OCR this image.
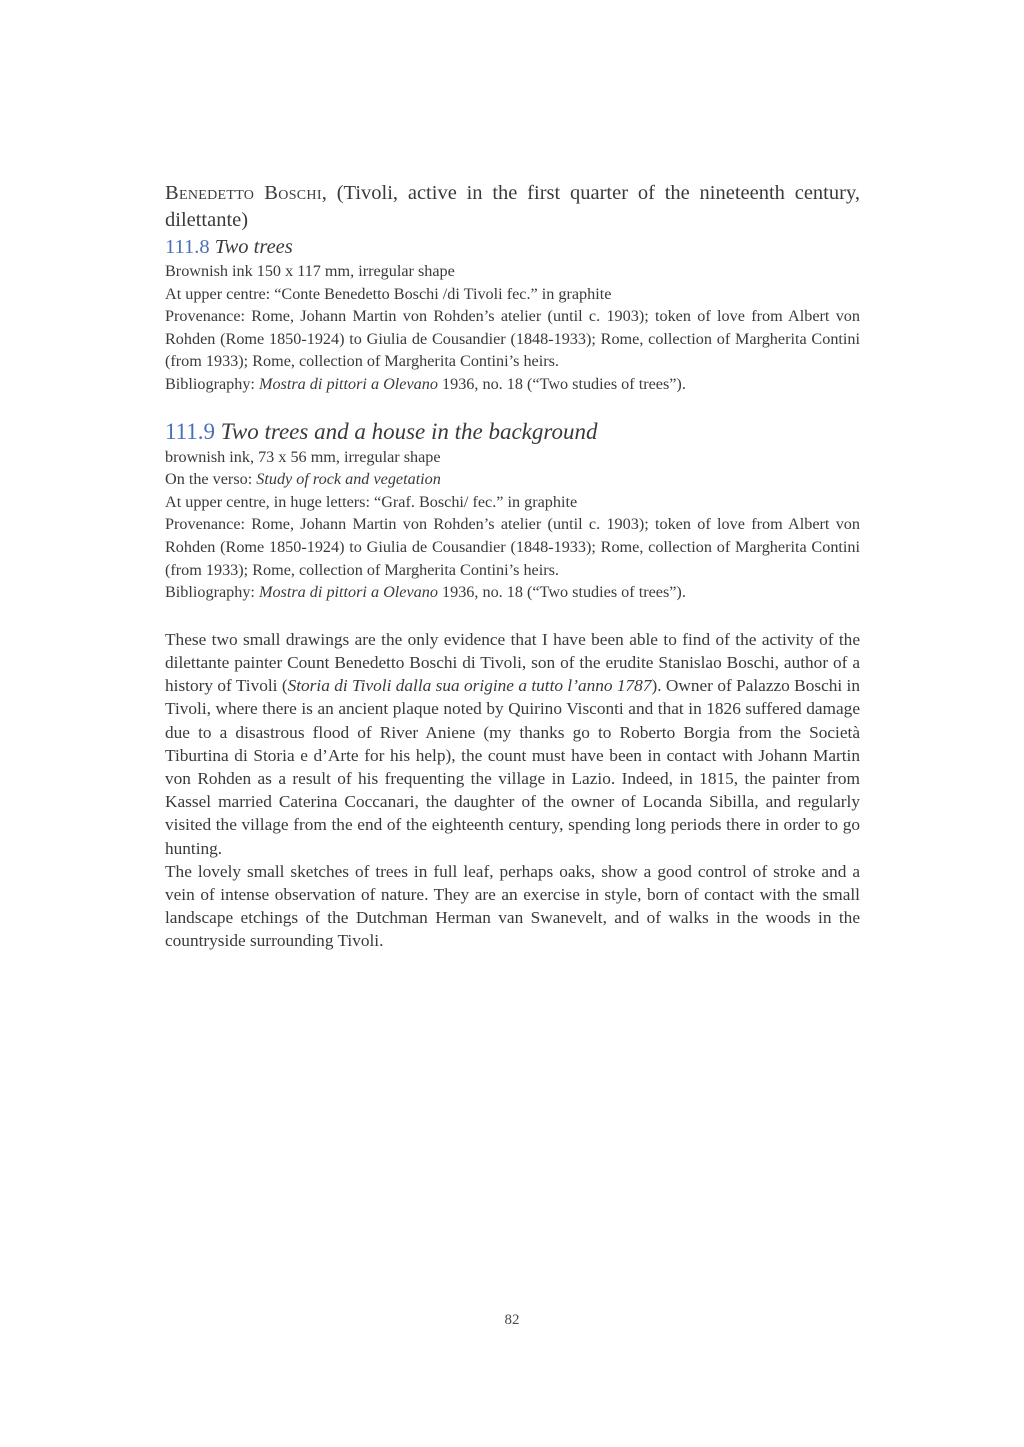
Benedetto Boschi, (Tivoli, active in the first quarter of the nineteenth century, dilettante)

111.8 Two trees

Brownish ink 150 x 117 mm, irregular shape

At upper centre: “Conte Benedetto Boschi /di Tivoli fec.” in graphite

Provenance: Rome, Johann Martin von Rohden’s atelier (until c. 1903); token of love from Albert von Rohden (Rome 1850-1924) to Giulia de Cousandier (1848-1933); Rome, collection of Margherita Contini (from 1933); Rome, collection of Margherita Contini’s heirs.

Bibliography: Mostra di pittori a Olevano 1936, no. 18 (“Two studies of trees”).

111.9 Two trees and a house in the background

brownish ink, 73 x 56 mm, irregular shape

On the verso: Study of rock and vegetation

At upper centre, in huge letters: “Graf. Boschi/ fec.” in graphite

Provenance: Rome, Johann Martin von Rohden’s atelier (until c. 1903); token of love from Albert von Rohden (Rome 1850-1924) to Giulia de Cousandier (1848-1933); Rome, collection of Margherita Contini (from 1933); Rome, collection of Margherita Contini’s heirs.

Bibliography: Mostra di pittori a Olevano 1936, no. 18 (“Two studies of trees”).

These two small drawings are the only evidence that I have been able to find of the activity of the dilettante painter Count Benedetto Boschi di Tivoli, son of the erudite Stanislao Boschi, author of a history of Tivoli (Storia di Tivoli dalla sua origine a tutto l’anno 1787). Owner of Palazzo Boschi in Tivoli, where there is an ancient plaque noted by Quirino Visconti and that in 1826 suffered damage due to a disastrous flood of River Aniene (my thanks go to Roberto Borgia from the Società Tiburtina di Storia e d’Arte for his help), the count must have been in contact with Johann Martin von Rohden as a result of his frequenting the village in Lazio. Indeed, in 1815, the painter from Kassel married Caterina Coccanari, the daughter of the owner of Locanda Sibilla, and regularly visited the village from the end of the eighteenth century, spending long periods there in order to go hunting.

The lovely small sketches of trees in full leaf, perhaps oaks, show a good control of stroke and a vein of intense observation of nature. They are an exercise in style, born of contact with the small landscape etchings of the Dutchman Herman van Swanevelt, and of walks in the woods in the countryside surrounding Tivoli.

82
